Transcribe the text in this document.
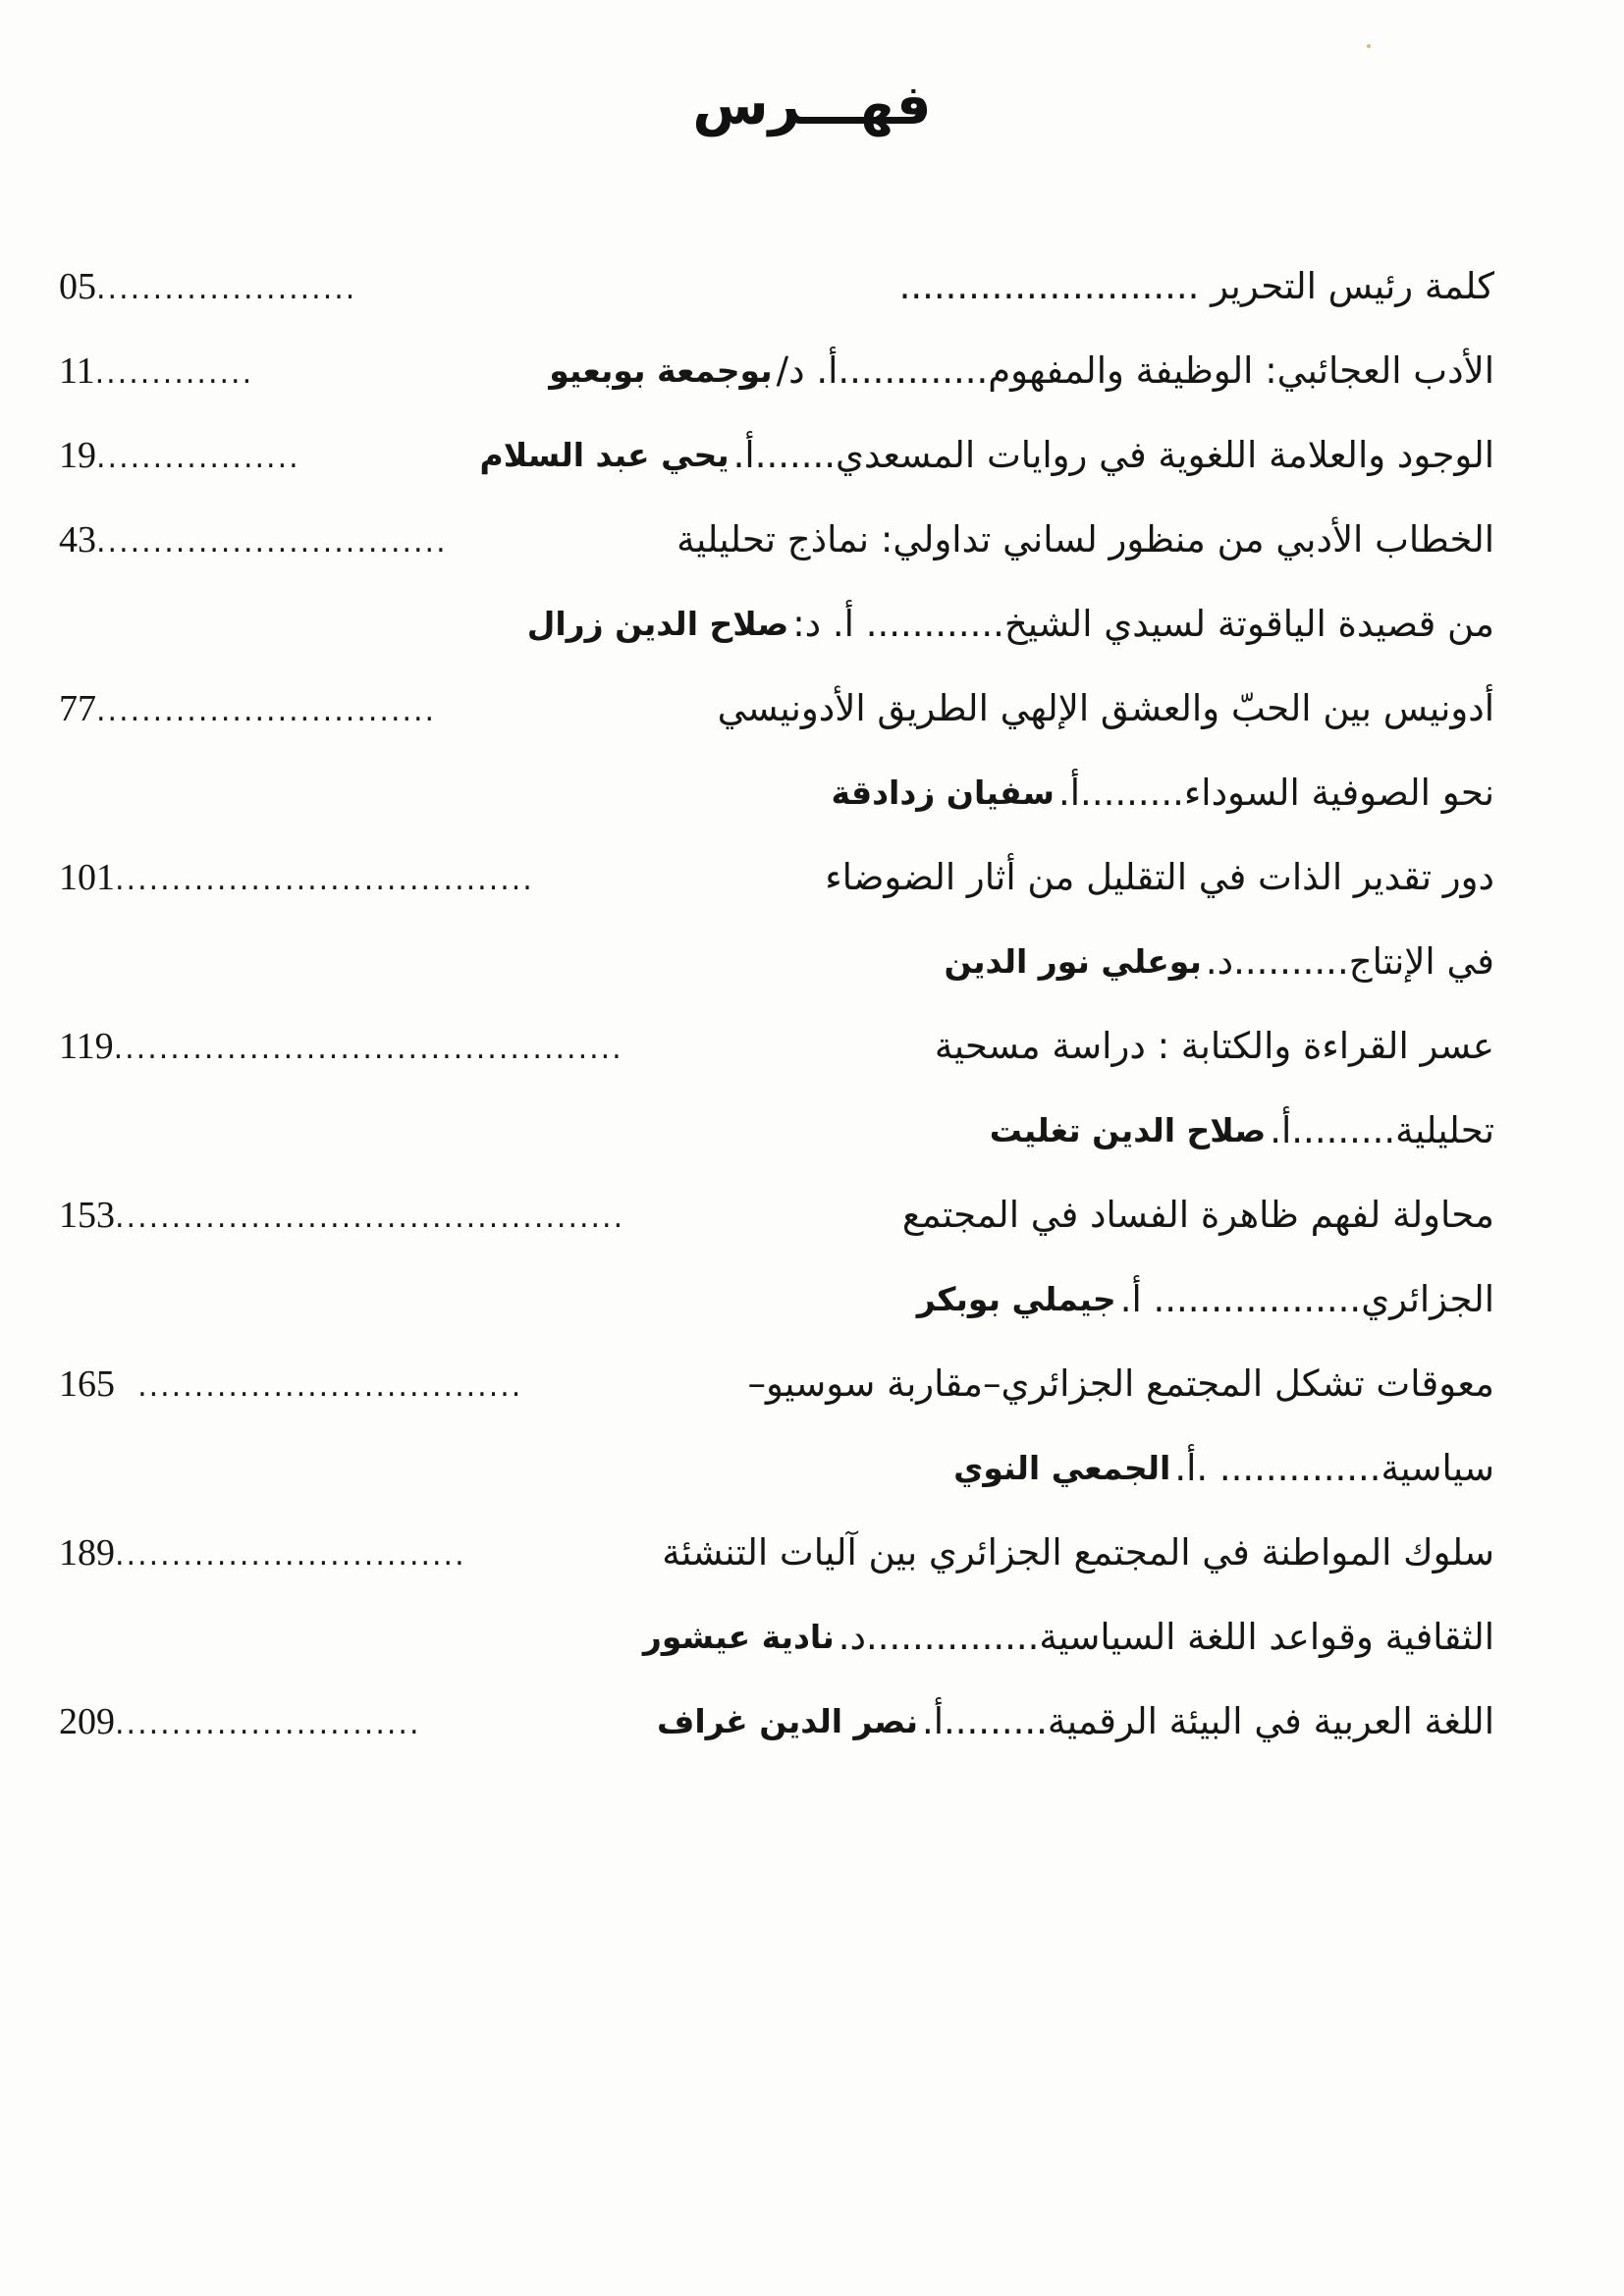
فهـــرس
كلمة رئيس التحرير ..........................
05.......................
الأدب العجائبي: الوظيفة والمفهوم.............أ. د/
بوجمعة بوبعيو
11..............
الوجود والعلامة اللغوية في روايات المسعدي.......أ.
يحي عبد السلام
19..................
الخطاب الأدبي من منظور لساني تداولي: نماذج تحليلية
43...............................
من قصيدة الياقوتة لسيدي الشيخ............ أ. د:
صلاح الدين زرال
أدونيس بين الحبّ والعشق الإلهي الطريق الأدونيسي
77..............................
نحو الصوفية السوداء.........أ.
سفيان زدادقة
دور تقدير الذات في التقليل من أثار الضوضاء
101.....................................
في الإنتاج..........د.
بوعلي نور الدين
عسر القراءة والكتابة : دراسة مسحية
119.............................................
تحليلية.........أ.
صلاح الدين تغليت
محاولة لفهم ظاهرة الفساد في المجتمع
153.............................................
الجزائري.................. أ.
جيملي بوبكر
معوقات تشكل المجتمع الجزائري–مقاربة سوسيو–
165  ..................................
سياسية.............. .أ.
الجمعي النوي
سلوك المواطنة في المجتمع الجزائري بين آليات التنشئة
189...............................
الثقافية وقواعد اللغة السياسية...............د.
نادية عيشور
اللغة العربية في البيئة الرقمية.........أ.
نصر الدين غراف
209...........................
